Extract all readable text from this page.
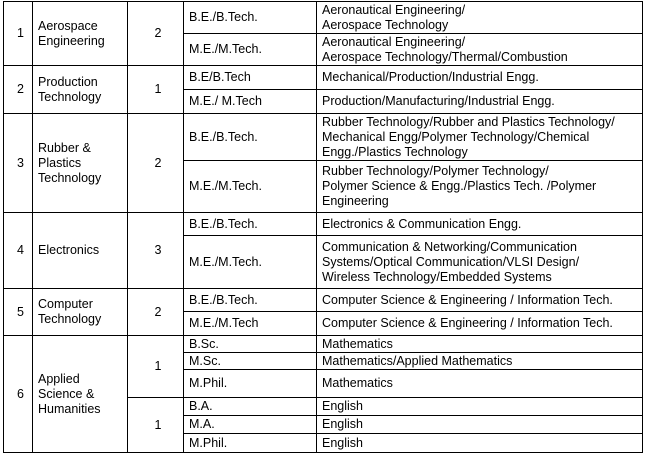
1	Aerospace
Engineering	2	B.E./B.Tech.	Aeronautical Engineering/
Aerospace Technology
			M.E./M.Tech.	Aeronautical Engineering/
Aerospace Technology/Thermal/Combustion
2	Production
Technology	1	B.E/B.Tech	Mechanical/Production/Industrial Engg.
			M.E./ M.Tech	Production/Manufacturing/Industrial Engg.
3	Rubber &
Plastics
Technology	2	B.E./B.Tech.	Rubber Technology/Rubber and Plastics Technology/
Mechanical Engg/Polymer Technology/Chemical
Engg./Plastics Technology
			M.E./M.Tech.	Rubber Technology/Polymer Technology/
Polymer Science & Engg./Plastics Tech. /Polymer
Engineering
4	Electronics	3	B.E./B.Tech.	Electronics & Communication Engg.
			M.E./M.Tech.	Communication & Networking/Communication
Systems/Optical Communication/VLSI Design/
Wireless Technology/Embedded Systems
5	Computer
Technology	2	B.E./B.Tech.	Computer Science & Engineering / Information Tech.
			M.E./M.Tech	Computer Science & Engineering / Information Tech.
6	Applied
Science &
Humanities	1	B.Sc.	Mathematics
			M.Sc.	Mathematics/Applied Mathematics
			M.Phil.	Mathematics
		1	B.A.	English
			M.A.	English
			M.Phil.	English
